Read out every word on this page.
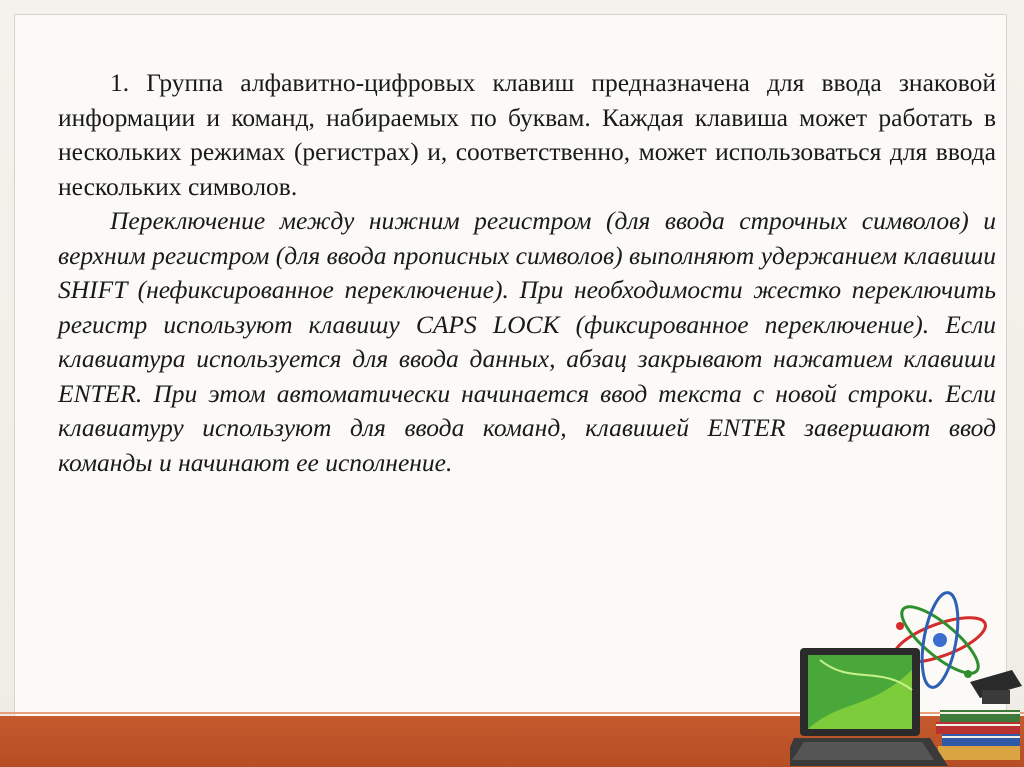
1. Группа алфавитно-цифровых клавиш предназначена для ввода знаковой информации и команд, набираемых по буквам. Каждая клавиша может работать в нескольких режимах (регистрах) и, соответственно, может использоваться для ввода нескольких символов.

Переключение между нижним регистром (для ввода строчных символов) и верхним регистром (для ввода прописных символов) выполняют удержанием клавиши SHIFT (нефиксированное переключение). При необходимости жестко переключить регистр используют клавишу CAPS LOCK (фиксированное переключение). Если клавиатура используется для ввода данных, абзац закрывают нажатием клавиши ENTER. При этом автоматически начинается ввод текста с новой строки. Если клавиатуру используют для ввода команд, клавишей ENTER завершают ввод команды и начинают ее исполнение.
